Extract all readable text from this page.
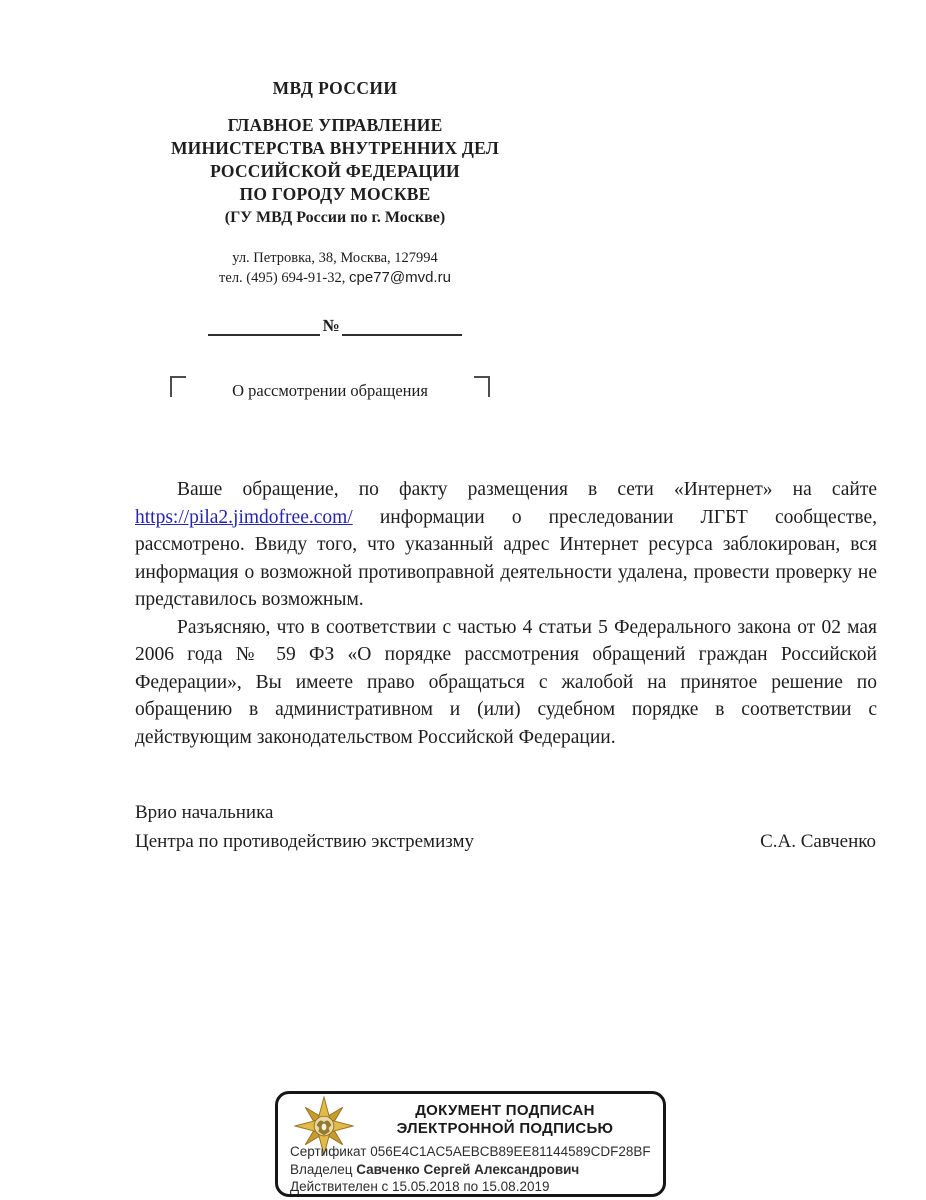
МВД РОССИИ
ГЛАВНОЕ УПРАВЛЕНИЕ
МИНИСТЕРСТВА ВНУТРЕННИХ ДЕЛ
РОССИЙСКОЙ ФЕДЕРАЦИИ
ПО ГОРОДУ МОСКВЕ
(ГУ МВД России по г. Москве)
ул. Петровка, 38, Москва, 127994
тел. (495) 694-91-32, cpe77@mvd.ru
№
О рассмотрении обращения

Ваше обращение, по факту размещения в сети «Интернет» на сайте https://pila2.jimdofree.com/ информации о преследовании ЛГБТ сообществе, рассмотрено. Ввиду того, что указанный адрес Интернет ресурса заблокирован, вся информация о возможной противоправной деятельности удалена, провести проверку не представилось возможным.

Разъясняю, что в соответствии с частью 4 статьи 5 Федерального закона от 02 мая 2006 года № 59 ФЗ «О порядке рассмотрения обращений граждан Российской Федерации», Вы имеете право обращаться с жалобой на принятое решение по обращению в административном и (или) судебном порядке в соответствии с действующим законодательством Российской Федерации.

Врио начальника
Центра по противодействию экстремизму	С.А. Савченко
ДОКУМЕНТ ПОДПИСАН
ЭЛЕКТРОННОЙ ПОДПИСЬЮ
Сертификат 056E4C1AC5AEBCB89EE81144589CDF28BF
Владелец Савченко Сергей Александрович
Действителен с 15.05.2018 по 15.08.2019
